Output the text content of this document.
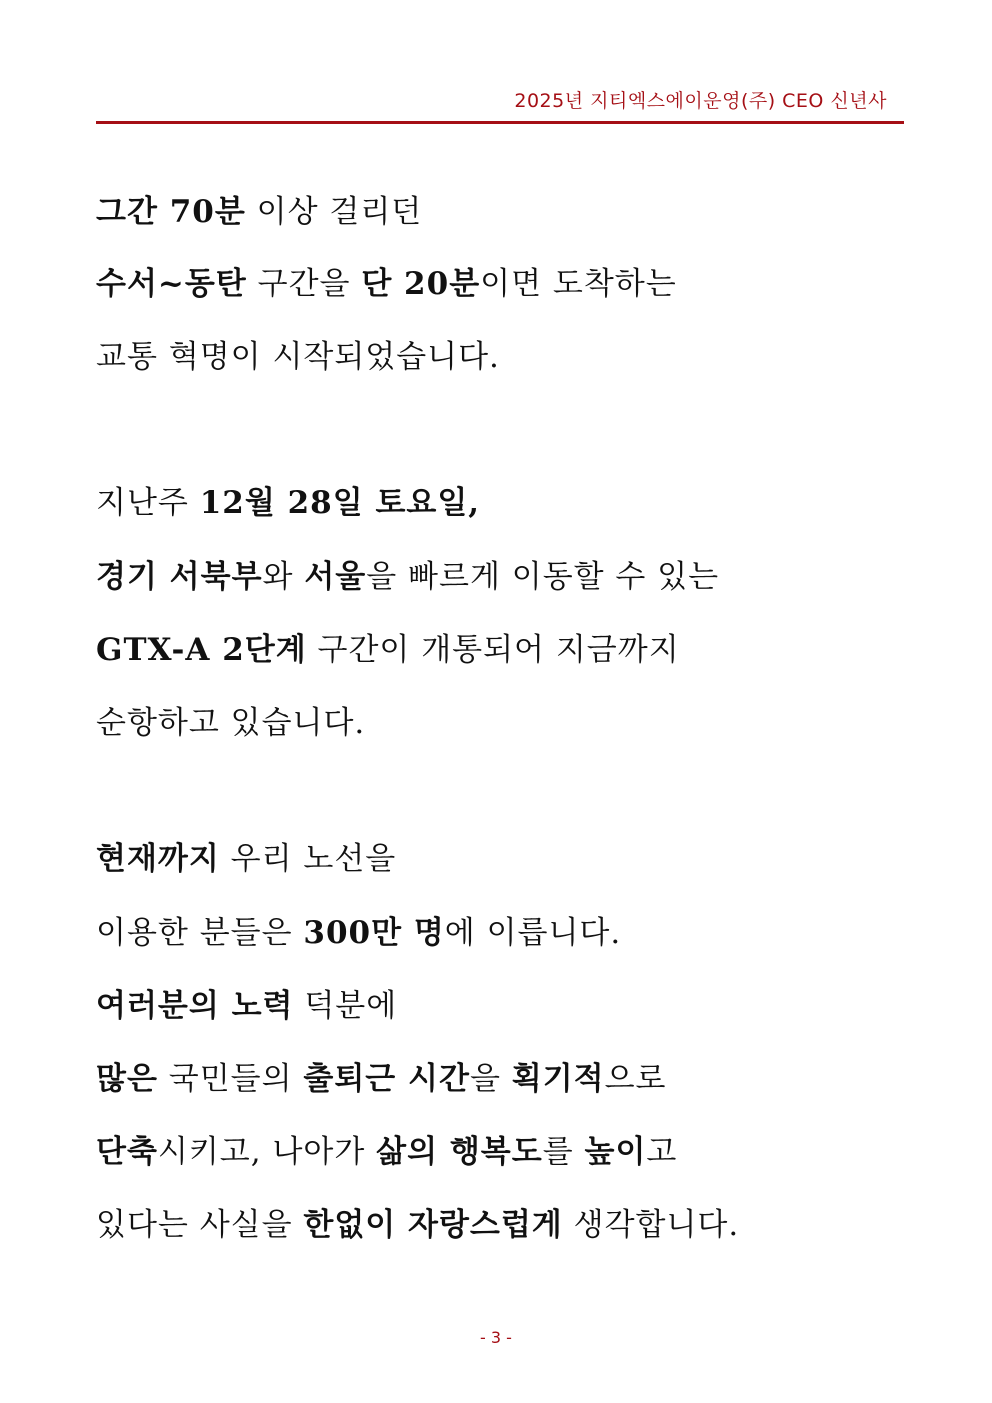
2025년 지티엑스에이운영(주) CEO 신년사
그간 70분 이상 걸리던
수서~동탄 구간을 단 20분이면 도착하는
교통 혁명이 시작되었습니다.
지난주 12월 28일 토요일,
경기 서북부와 서울을 빠르게 이동할 수 있는
GTX-A 2단계 구간이 개통되어 지금까지
순항하고 있습니다.
현재까지 우리 노선을
이용한 분들은 300만 명에 이릅니다.
여러분의 노력 덕분에
많은 국민들의 출퇴근 시간을 획기적으로
단축시키고, 나아가 삶의 행복도를 높이고
있다는 사실을 한없이 자랑스럽게 생각합니다.
- 3 -
